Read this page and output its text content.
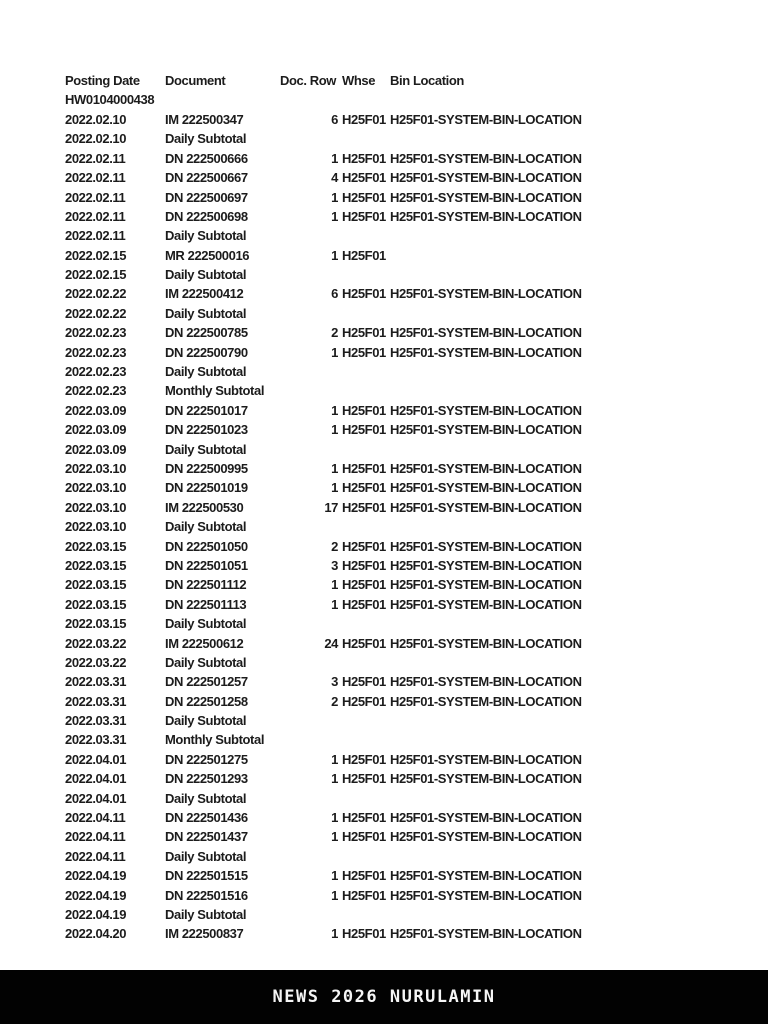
Posting Date	Document	Doc. Row Whse	Bin Location
HW0104000438
2022.02.10	IM 222500347	6 H25F01 H25F01-SYSTEM-BIN-LOCATION
2022.02.10	Daily Subtotal
2022.02.11	DN 222500666	1 H25F01 H25F01-SYSTEM-BIN-LOCATION
2022.02.11	DN 222500667	4 H25F01 H25F01-SYSTEM-BIN-LOCATION
2022.02.11	DN 222500697	1 H25F01 H25F01-SYSTEM-BIN-LOCATION
2022.02.11	DN 222500698	1 H25F01 H25F01-SYSTEM-BIN-LOCATION
2022.02.11	Daily Subtotal
2022.02.15	MR 222500016	1 H25F01
2022.02.15	Daily Subtotal
2022.02.22	IM 222500412	6 H25F01 H25F01-SYSTEM-BIN-LOCATION
2022.02.22	Daily Subtotal
2022.02.23	DN 222500785	2 H25F01 H25F01-SYSTEM-BIN-LOCATION
2022.02.23	DN 222500790	1 H25F01 H25F01-SYSTEM-BIN-LOCATION
2022.02.23	Daily Subtotal
2022.02.23	Monthly Subtotal
2022.03.09	DN 222501017	1 H25F01 H25F01-SYSTEM-BIN-LOCATION
2022.03.09	DN 222501023	1 H25F01 H25F01-SYSTEM-BIN-LOCATION
2022.03.09	Daily Subtotal
2022.03.10	DN 222500995	1 H25F01 H25F01-SYSTEM-BIN-LOCATION
2022.03.10	DN 222501019	1 H25F01 H25F01-SYSTEM-BIN-LOCATION
2022.03.10	IM 222500530	17 H25F01 H25F01-SYSTEM-BIN-LOCATION
2022.03.10	Daily Subtotal
2022.03.15	DN 222501050	2 H25F01 H25F01-SYSTEM-BIN-LOCATION
2022.03.15	DN 222501051	3 H25F01 H25F01-SYSTEM-BIN-LOCATION
2022.03.15	DN 222501112	1 H25F01 H25F01-SYSTEM-BIN-LOCATION
2022.03.15	DN 222501113	1 H25F01 H25F01-SYSTEM-BIN-LOCATION
2022.03.15	Daily Subtotal
2022.03.22	IM 222500612	24 H25F01 H25F01-SYSTEM-BIN-LOCATION
2022.03.22	Daily Subtotal
2022.03.31	DN 222501257	3 H25F01 H25F01-SYSTEM-BIN-LOCATION
2022.03.31	DN 222501258	2 H25F01 H25F01-SYSTEM-BIN-LOCATION
2022.03.31	Daily Subtotal
2022.03.31	Monthly Subtotal
2022.04.01	DN 222501275	1 H25F01 H25F01-SYSTEM-BIN-LOCATION
2022.04.01	DN 222501293	1 H25F01 H25F01-SYSTEM-BIN-LOCATION
2022.04.01	Daily Subtotal
2022.04.11	DN 222501436	1 H25F01 H25F01-SYSTEM-BIN-LOCATION
2022.04.11	DN 222501437	1 H25F01 H25F01-SYSTEM-BIN-LOCATION
2022.04.11	Daily Subtotal
2022.04.19	DN 222501515	1 H25F01 H25F01-SYSTEM-BIN-LOCATION
2022.04.19	DN 222501516	1 H25F01 H25F01-SYSTEM-BIN-LOCATION
2022.04.19	Daily Subtotal
2022.04.20	IM 222500837	1 H25F01 H25F01-SYSTEM-BIN-LOCATION
NEWS 2026 NURULAMIN
